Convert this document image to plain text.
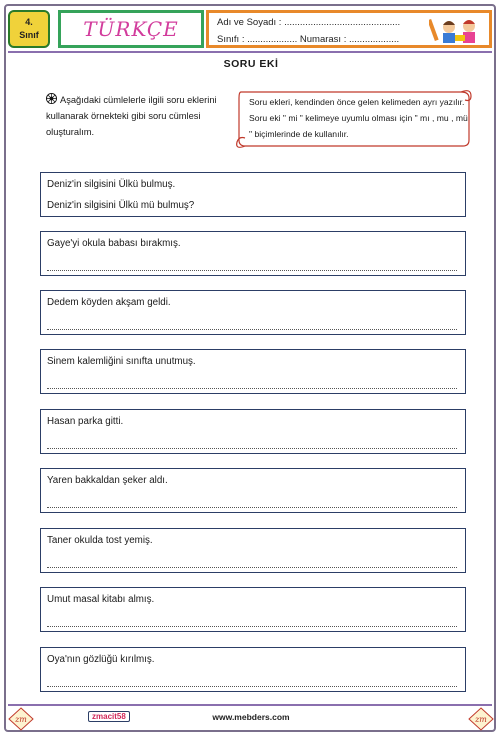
4.
Sınıf	TÜRKÇE	Adı ve Soyadı : ............................................
Sınıfı : ................... Numarası : ...................
SORU EKİ
Aşağıdaki cümlelerle ilgili soru eklerini kullanarak örnekteki gibi soru cümlesi oluşturalım.
Soru ekleri, kendinden önce gelen kelimeden ayrı yazılır. Soru eki " mi " kelimeye uyumlu olması için " mı , mu , mü " biçimlerinde de kullanılır.
Deniz'in silgisini Ülkü bulmuş.
Deniz'in silgisini Ülkü mü bulmuş?
Gaye'yi okula babası bırakmış.
Dedem köyden akşam geldi.
Sinem kalemliğini sınıfta unutmuş.
Hasan parka gitti.
Yaren bakkaldan şeker aldı.
Taner okulda tost yemiş.
Umut masal kitabı almış.
Oya'nın gözlüğü kırılmış.
zm	zmacit58	www.mebders.com	zm
